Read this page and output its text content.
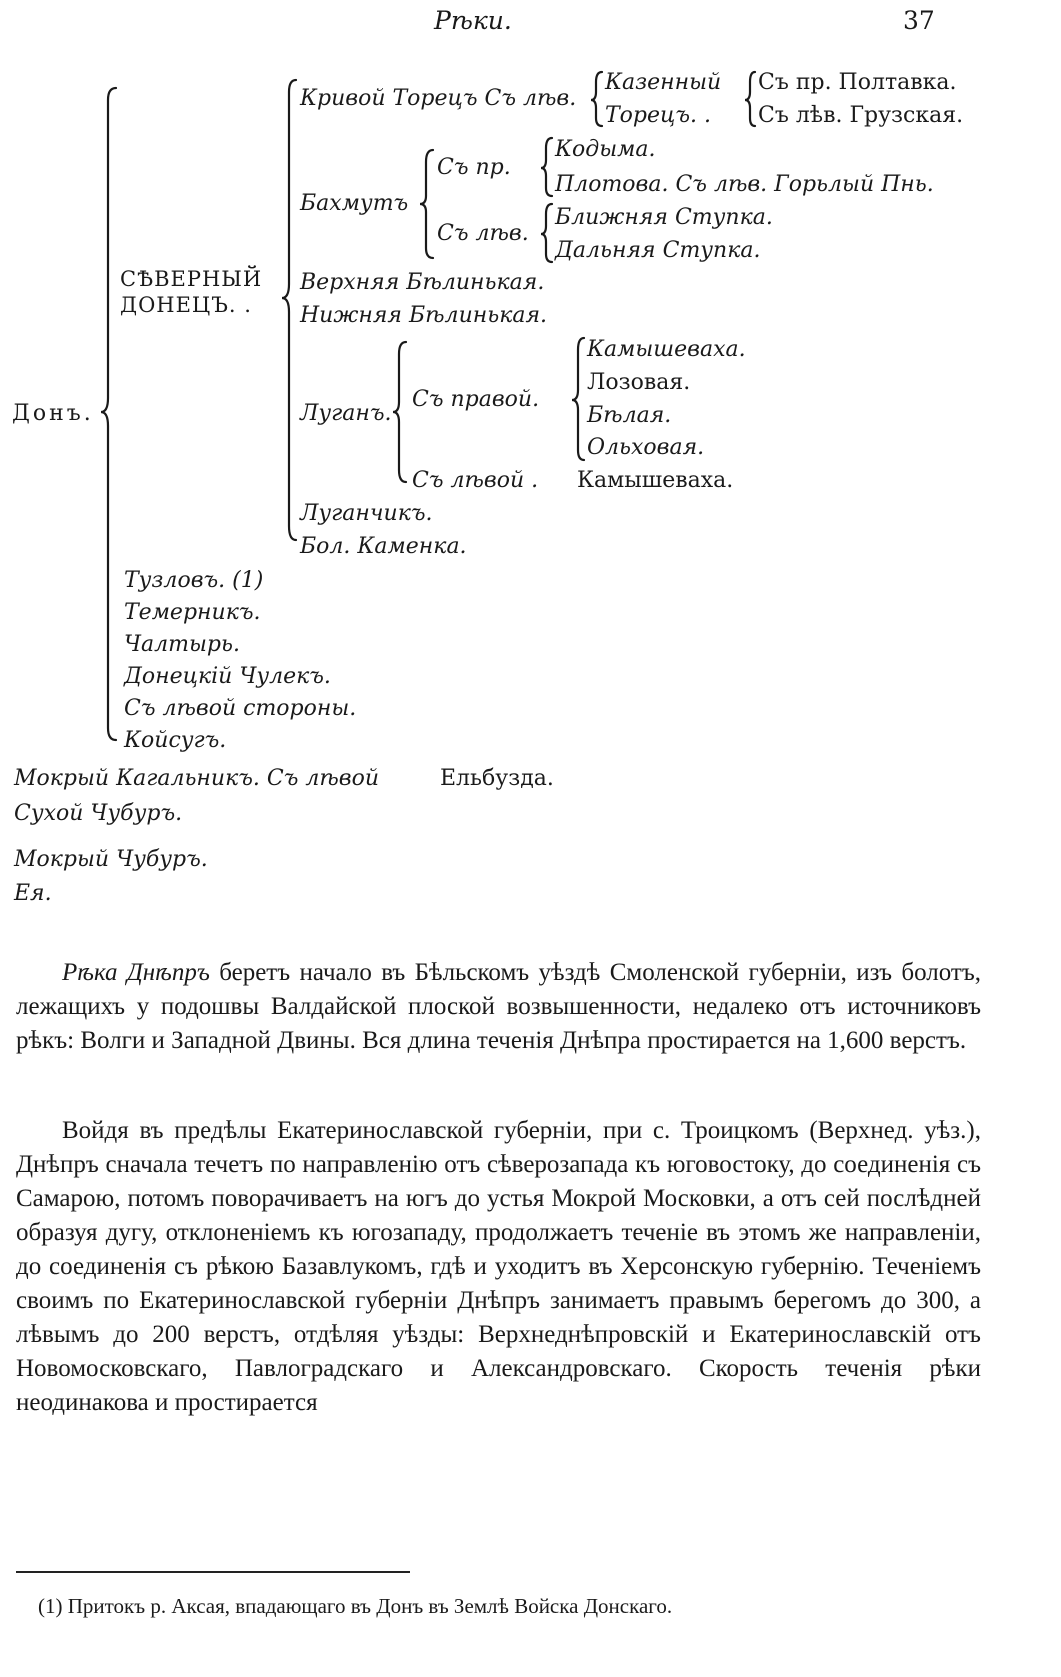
Рѣки.	37
Донъ.
СѢВЕРНЫЙ ДОНЕЦЪ. .
Кривой Торецъ Съ лѣв.
Казенный
Торецъ. .
Съ пр. Полтавка.
Съ лѣв. Грузская.
Бахмутъ
Съ пр.
Съ лѣв.
Кодыма.
Плотова. Съ лѣв. Горьлый Пнь.
Ближняя Ступка.
Дальняя Ступка.
Верхняя Бѣлинькая.
Нижняя Бѣлинькая.
Луганъ.
Съ правой.
Камышеваха.
Лозовая.
Бѣлая.
Ольховая.
Съ лѣвой . Камышеваха.
Луганчикъ.
Бол. Каменка.
Тузловъ. (1)
Темерникъ.
Чалтырь.
Донецкій Чулекъ.
Съ лѣвой стороны.
Койсугъ.
Мокрый Кагальникъ. Съ лѣвой	Ельбузда.
Сухой Чубуръ.
Мокрый Чубуръ.
Ея.

Рѣка Днѣпръ беретъ начало въ Бѣльскомъ уѣздѣ Смоленской губерніи, изъ болотъ, лежащихъ у подошвы Валдайской плоской возвышенности, недалеко отъ источниковъ рѣкъ: Волги и Западной Двины. Вся длина теченія Днѣпра простирается на 1,600 верстъ.

Войдя въ предѣлы Екатеринославской губерніи, при с. Троицкомъ (Верхнед. уѣз.), Днѣпръ сначала течетъ по направленію отъ сѣверозапада къ юговостоку, до соединенія съ Самарою, потомъ поворачиваетъ на югъ до устья Мокрой Московки, а отъ сей послѣдней образуя дугу, отклоненіемъ къ югозападу, продолжаетъ теченіе въ этомъ же направленіи, до соединенія съ рѣкою Базавлукомъ, гдѣ и уходитъ въ Херсонскую губернію. Теченіемъ своимъ по Екатеринославской губерніи Днѣпръ занимаетъ правымъ берегомъ до 300, а лѣвымъ до 200 верстъ, отдѣляя уѣзды: Верхнеднѣпровскій и Екатеринославскій отъ Новомосковскаго, Павлоградскаго и Александровскаго. Скорость теченія рѣки неодинакова и простирается

(1) Притокъ р. Аксая, впадающаго въ Донъ въ Землѣ Войска Донскаго.
